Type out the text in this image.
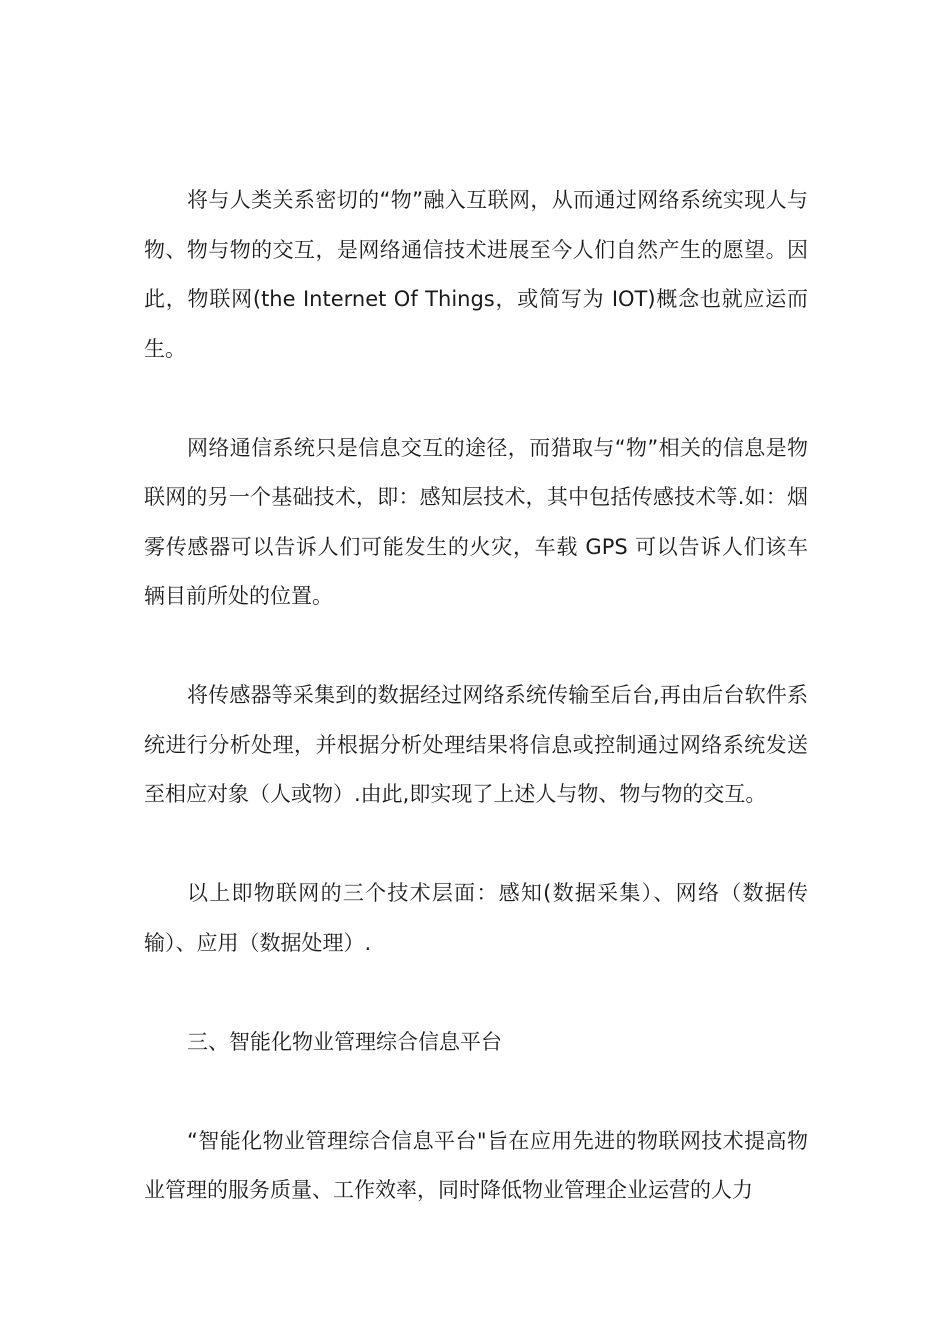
将与人类关系密切的“物”融入互联网，从而通过网络系统实现人与物、物与物的交互，是网络通信技术进展至今人们自然产生的愿望。因此，物联网(the Internet Of Things，或简写为 IOT)概念也就应运而生。

网络通信系统只是信息交互的途径，而猎取与“物”相关的信息是物联网的另一个基础技术，即：感知层技术，其中包括传感技术等.如：烟雾传感器可以告诉人们可能发生的火灾，车载 GPS 可以告诉人们该车辆目前所处的位置。

将传感器等采集到的数据经过网络系统传输至后台,再由后台软件系统进行分析处理，并根据分析处理结果将信息或控制通过网络系统发送至相应对象（人或物）.由此,即实现了上述人与物、物与物的交互。

以上即物联网的三个技术层面：感知(数据采集）、网络（数据传输）、应用（数据处理）.

三、智能化物业管理综合信息平台

“智能化物业管理综合信息平台"旨在应用先进的物联网技术提高物业管理的服务质量、工作效率，同时降低物业管理企业运营的人力
